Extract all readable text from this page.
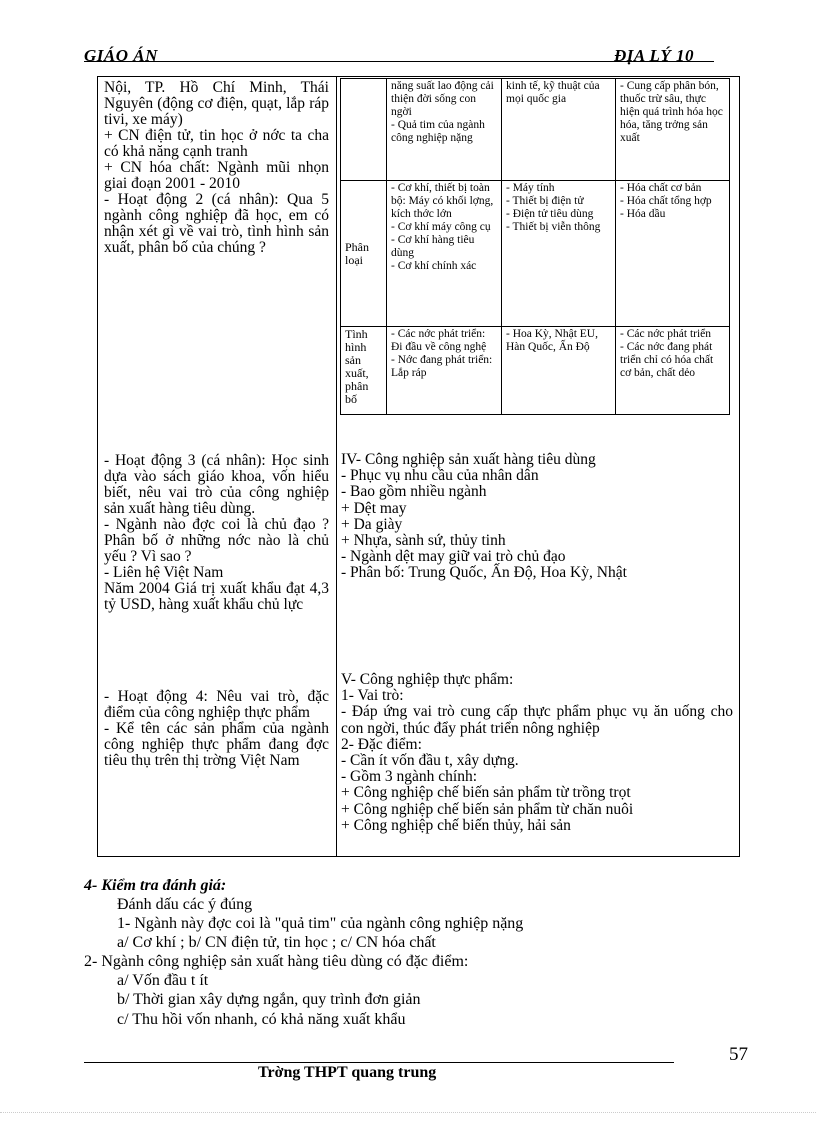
GIÁO ÁN	ĐỊA LÝ 10

Nội, TP. Hồ Chí Minh, Thái Nguyên (động cơ điện, quạt, lắp ráp tivi, xe máy)

+ CN điện tử, tin học ở nớc ta cha có khả năng cạnh tranh

+ CN hóa chất: Ngành mũi nhọn giai đoạn 2001 - 2010

- Hoạt động 2 (cá nhân): Qua 5 ngành công nghiệp đã học, em có nhận xét gì về vai trò, tình hình sản xuất, phân bố của chúng ?

- Hoạt động 3 (cá nhân): Học sinh dựa vào sách giáo khoa, vốn hiểu biết, nêu vai trò của công nghiệp sản xuất hàng tiêu dùng.

- Ngành nào đợc coi là chủ đạo ? Phân bố ở những nớc nào là chủ yếu ? Vì sao ?

- Liên hệ Việt Nam

Năm 2004 Giá trị xuất khẩu đạt 4,3 tỷ USD, hàng xuất khẩu chủ lực

- Hoạt động 4: Nêu vai trò, đặc điểm của công nghiệp thực phẩm

- Kể tên các sản phẩm của ngành công nghiệp thực phẩm đang đợc tiêu thụ trên thị trờng Việt Nam

	năng suất lao động cải thiện đời sống con ngời
- Quả tim của ngành công nghiệp nặng	kinh tế, kỹ thuật của mọi quốc gia	- Cung cấp phân bón, thuốc trừ sâu, thực hiện quá trình hóa học hóa, tăng trởng sản xuất

Phân loại	- Cơ khí, thiết bị toàn bộ: Máy có khối lợng, kích thớc lớn
- Cơ khí máy công cụ
- Cơ khí hàng tiêu dùng
- Cơ khí chính xác	- Máy tính
- Thiết bị điện tử
- Điện tử tiêu dùng
- Thiết bị viễn thông	- Hóa chất cơ bản
- Hóa chất tổng hợp
- Hóa dầu

Tình hình sản xuất, phân bố	- Các nớc phát triển: Đi đầu về công nghệ
- Nớc đang phát triển: Lắp ráp	- Hoa Kỳ, Nhật EU, Hàn Quốc, Ấn Độ	- Các nớc phát triển
- Các nớc đang phát triển chỉ có hóa chất cơ bản, chất dẻo

IV- Công nghiệp sản xuất hàng tiêu dùng

- Phục vụ nhu cầu của nhân dân

- Bao gồm nhiều ngành

+ Dệt may

+ Da giày

+ Nhựa, sành sứ, thủy tinh

- Ngành dệt may giữ vai trò chủ đạo

- Phân bố: Trung Quốc, Ấn Độ, Hoa Kỳ, Nhật

V- Công nghiệp thực phẩm:

1- Vai trò:

- Đáp ứng vai trò cung cấp thực phẩm phục vụ ăn uống cho con ngời, thúc đẩy phát triển nông nghiệp

2- Đặc điểm:

- Cần ít vốn đầu t, xây dựng.

- Gồm 3 ngành chính:

+ Công nghiệp chế biến sản phẩm từ trồng trọt

+ Công nghiệp chế biến sản phẩm từ chăn nuôi

+ Công nghiệp chế biến thủy, hải sản

4- Kiểm tra đánh giá:
Đánh dấu các ý đúng
1- Ngành này đợc coi là "quả tim" của ngành công nghiệp nặng
a/ Cơ khí ; b/ CN điện tử, tin học ; c/ CN hóa chất
2- Ngành công nghiệp sản xuất hàng tiêu dùng có đặc điểm:
a/ Vốn đầu t ít
b/ Thời gian xây dựng ngắn, quy trình đơn giản
c/ Thu hồi vốn nhanh, có khả năng xuất khẩu
57
Trờng THPT quang trung
